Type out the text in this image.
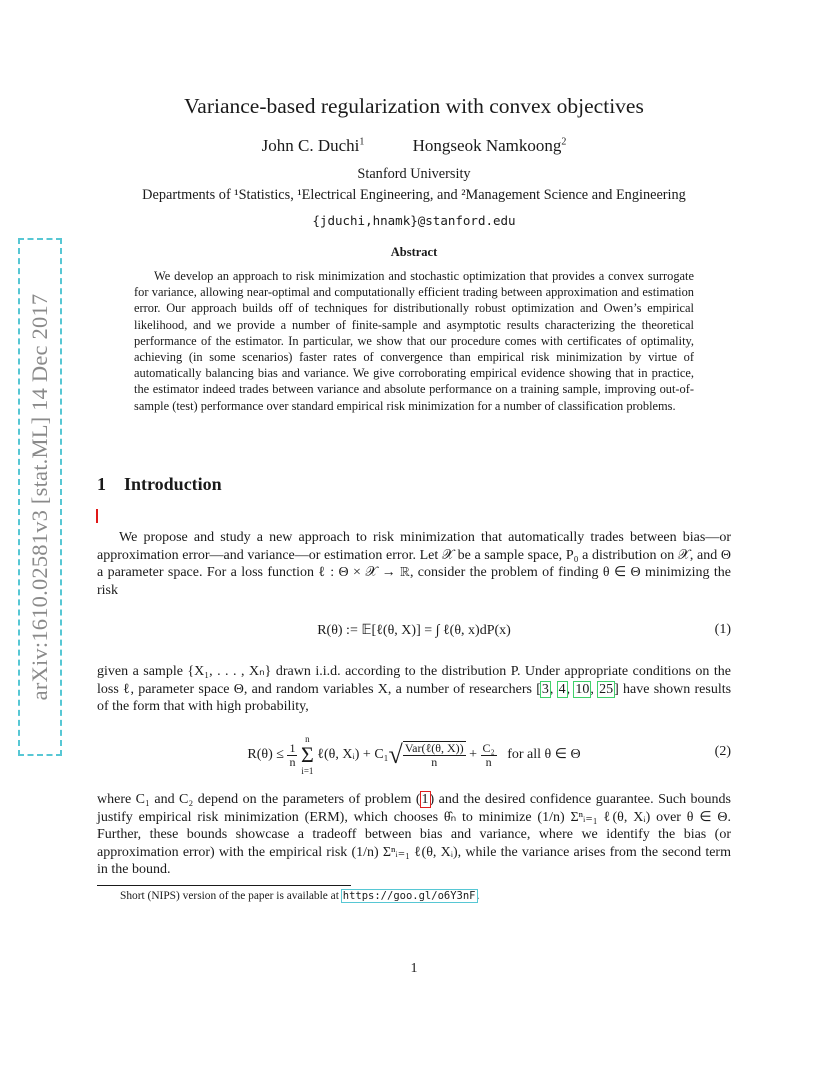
arXiv:1610.02581v3 [stat.ML] 14 Dec 2017
Variance-based regularization with convex objectives
John C. Duchi$^1$	Hongseok Namkoong$^2$
Stanford University
Departments of ¹Statistics, ¹Electrical Engineering, and ²Management Science and Engineering
{jduchi,hnamk}@stanford.edu
Abstract
We develop an approach to risk minimization and stochastic optimization that provides a convex surrogate for variance, allowing near-optimal and computationally efficient trading between approximation and estimation error. Our approach builds off of techniques for distributionally robust optimization and Owen’s empirical likelihood, and we provide a number of finite-sample and asymptotic results characterizing the theoretical performance of the estimator. In particular, we show that our procedure comes with certificates of optimality, achieving (in some scenarios) faster rates of convergence than empirical risk minimization by virtue of automatically balancing bias and variance. We give corroborating empirical evidence showing that in practice, the estimator indeed trades between variance and absolute performance on a training sample, improving out-of-sample (test) performance over standard empirical risk minimization for a number of classification problems.
1 Introduction
We propose and study a new approach to risk minimization that automatically trades between bias—or approximation error—and variance—or estimation error. Let 𝒳 be a sample space, P₀ a distribution on 𝒳, and Θ a parameter space. For a loss function ℓ : Θ × 𝒳 → ℝ, consider the problem of finding θ ∈ Θ minimizing the risk
R(θ) := 𝔼[ℓ(θ, X)] = ∫ ℓ(θ, x)dP(x)	(1)
given a sample {X₁, . . . , Xₙ} drawn i.i.d. according to the distribution P. Under appropriate conditions on the loss ℓ, parameter space Θ, and random variables X, a number of researchers [3, 4, 10, 25] have shown results of the form that with high probability,
$R(\theta) \le \frac{1}{n}$

n
Σ
i=1
ℓ(θ, Xᵢ) + $C_1√ \frac{\text{Var(ℓ(θ, X))}}{n} + \frac{\text{C₂}}{n}$ for all θ ∈ Θ	(2)
where C₁ and C₂ depend on the parameters of problem (1) and the desired confidence guarantee. Such bounds justify empirical risk minimization (ERM), which chooses θ̂ₙ to minimize (1/n) Σⁿᵢ₌₁ ℓ(θ, Xᵢ) over θ ∈ Θ. Further, these bounds showcase a tradeoff between bias and variance, where we identify the bias (or approximation error) with the empirical risk (1/n) Σⁿᵢ₌₁ ℓ(θ, Xᵢ), while the variance arises from the second term in the bound.
Short (NIPS) version of the paper is available at https://goo.gl/o6Y3nF.
1
